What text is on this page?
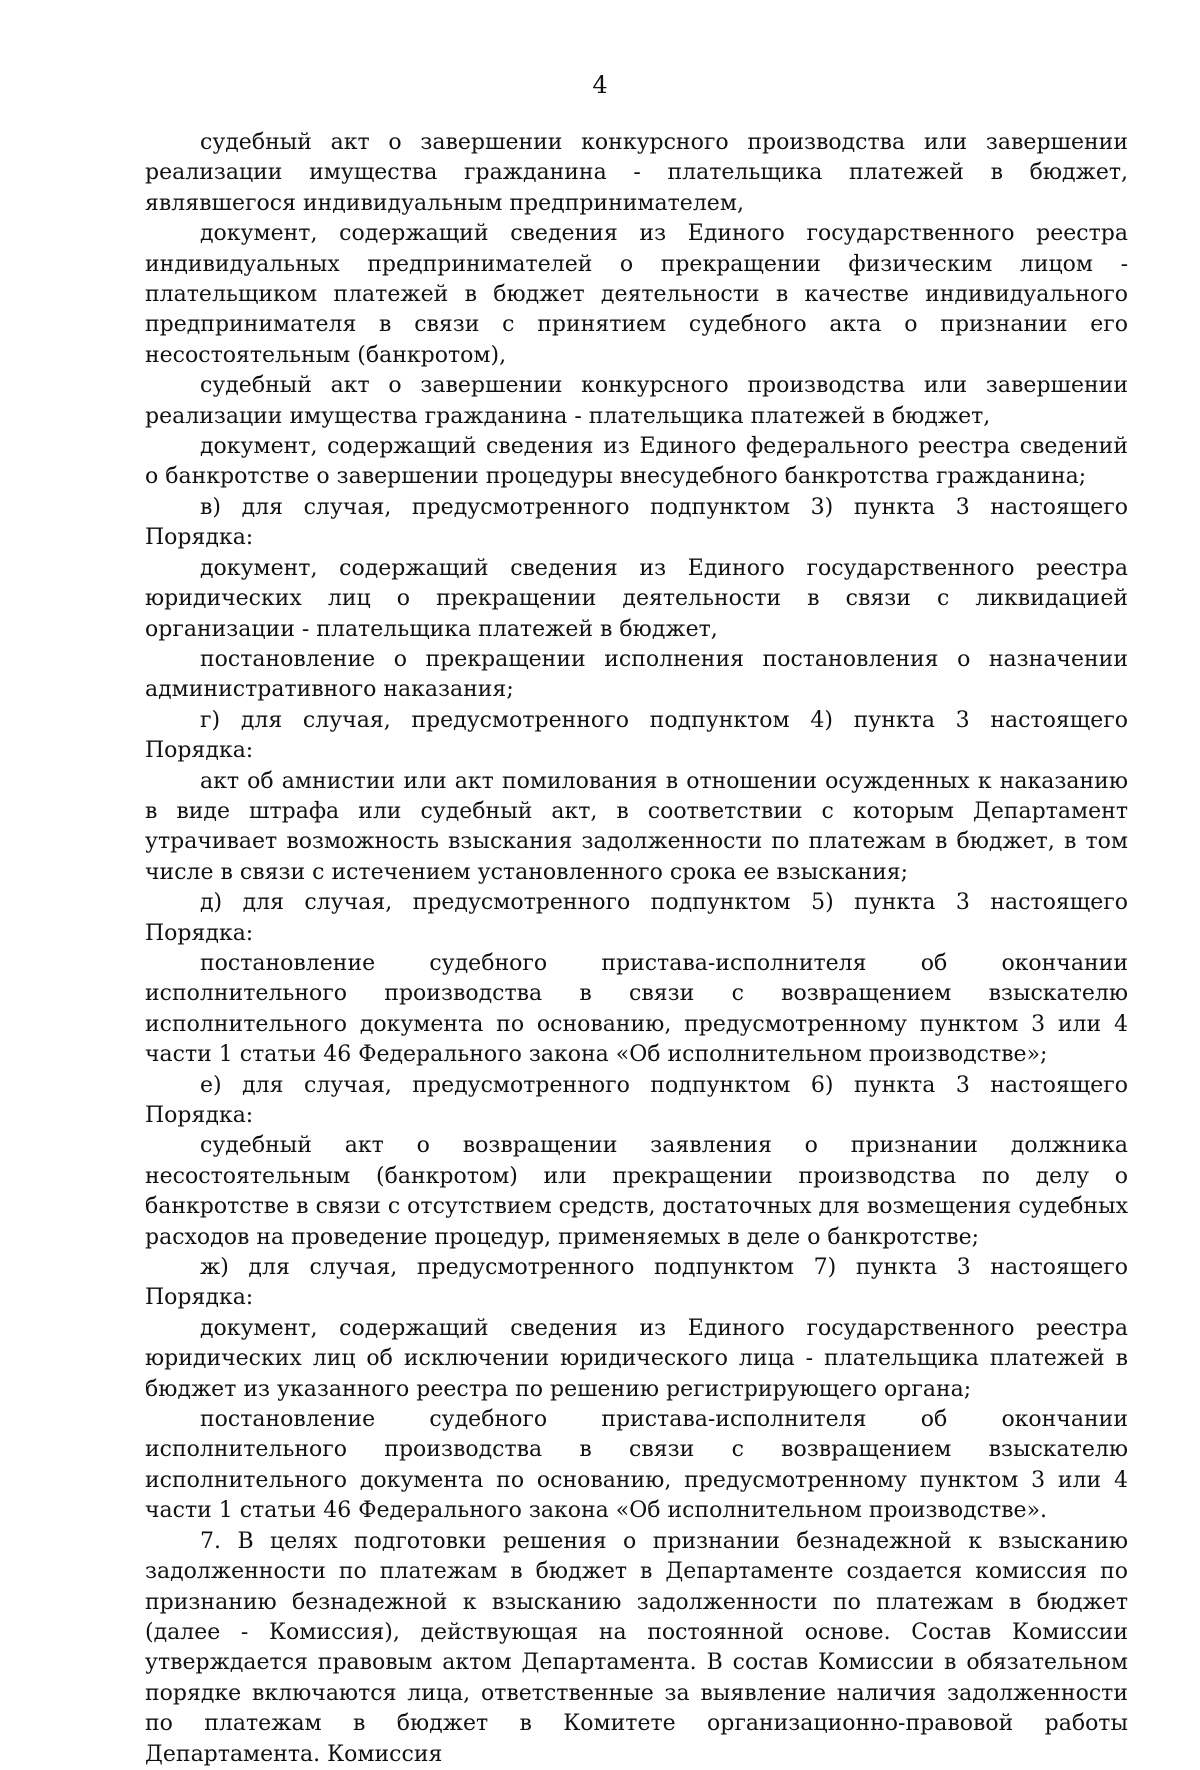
4

судебный акт о завершении конкурсного производства или завершении реализации имущества гражданина - плательщика платежей в бюджет, являвшегося индивидуальным предпринимателем,

документ, содержащий сведения из Единого государственного реестра индивидуальных предпринимателей о прекращении физическим лицом - плательщиком платежей в бюджет деятельности в качестве индивидуального предпринимателя в связи с принятием судебного акта о признании его несостоятельным (банкротом),

судебный акт о завершении конкурсного производства или завершении реализации имущества гражданина - плательщика платежей в бюджет,

документ, содержащий сведения из Единого федерального реестра сведений о банкротстве о завершении процедуры внесудебного банкротства гражданина;

в) для случая, предусмотренного подпунктом 3) пункта 3 настоящего Порядка:

документ, содержащий сведения из Единого государственного реестра юридических лиц о прекращении деятельности в связи с ликвидацией организации - плательщика платежей в бюджет,

постановление о прекращении исполнения постановления о назначении административного наказания;

г) для случая, предусмотренного подпунктом 4) пункта 3 настоящего Порядка:

акт об амнистии или акт помилования в отношении осужденных к наказанию в виде штрафа или судебный акт, в соответствии с которым Департамент утрачивает возможность взыскания задолженности по платежам в бюджет, в том числе в связи с истечением установленного срока ее взыскания;

д) для случая, предусмотренного подпунктом 5) пункта 3 настоящего Порядка:

постановление судебного пристава-исполнителя об окончании исполнительного производства в связи с возвращением взыскателю исполнительного документа по основанию, предусмотренному пунктом 3 или 4 части 1 статьи 46 Федерального закона «Об исполнительном производстве»;

е) для случая, предусмотренного подпунктом 6) пункта 3 настоящего Порядка:

судебный акт о возвращении заявления о признании должника несостоятельным (банкротом) или прекращении производства по делу о банкротстве в связи с отсутствием средств, достаточных для возмещения судебных расходов на проведение процедур, применяемых в деле о банкротстве;

ж) для случая, предусмотренного подпунктом 7) пункта 3 настоящего Порядка:

документ, содержащий сведения из Единого государственного реестра юридических лиц об исключении юридического лица - плательщика платежей в бюджет из указанного реестра по решению регистрирующего органа;

постановление судебного пристава-исполнителя об окончании исполнительного производства в связи с возвращением взыскателю исполнительного документа по основанию, предусмотренному пунктом 3 или 4 части 1 статьи 46 Федерального закона «Об исполнительном производстве».

7. В целях подготовки решения о признании безнадежной к взысканию задолженности по платежам в бюджет в Департаменте создается комиссия по признанию безнадежной к взысканию задолженности по платежам в бюджет (далее - Комиссия), действующая на постоянной основе. Состав Комиссии утверждается правовым актом Департамента. В состав Комиссии в обязательном порядке включаются лица, ответственные за выявление наличия задолженности по платежам в бюджет в Комитете организационно-правовой работы Департамента. Комиссия
